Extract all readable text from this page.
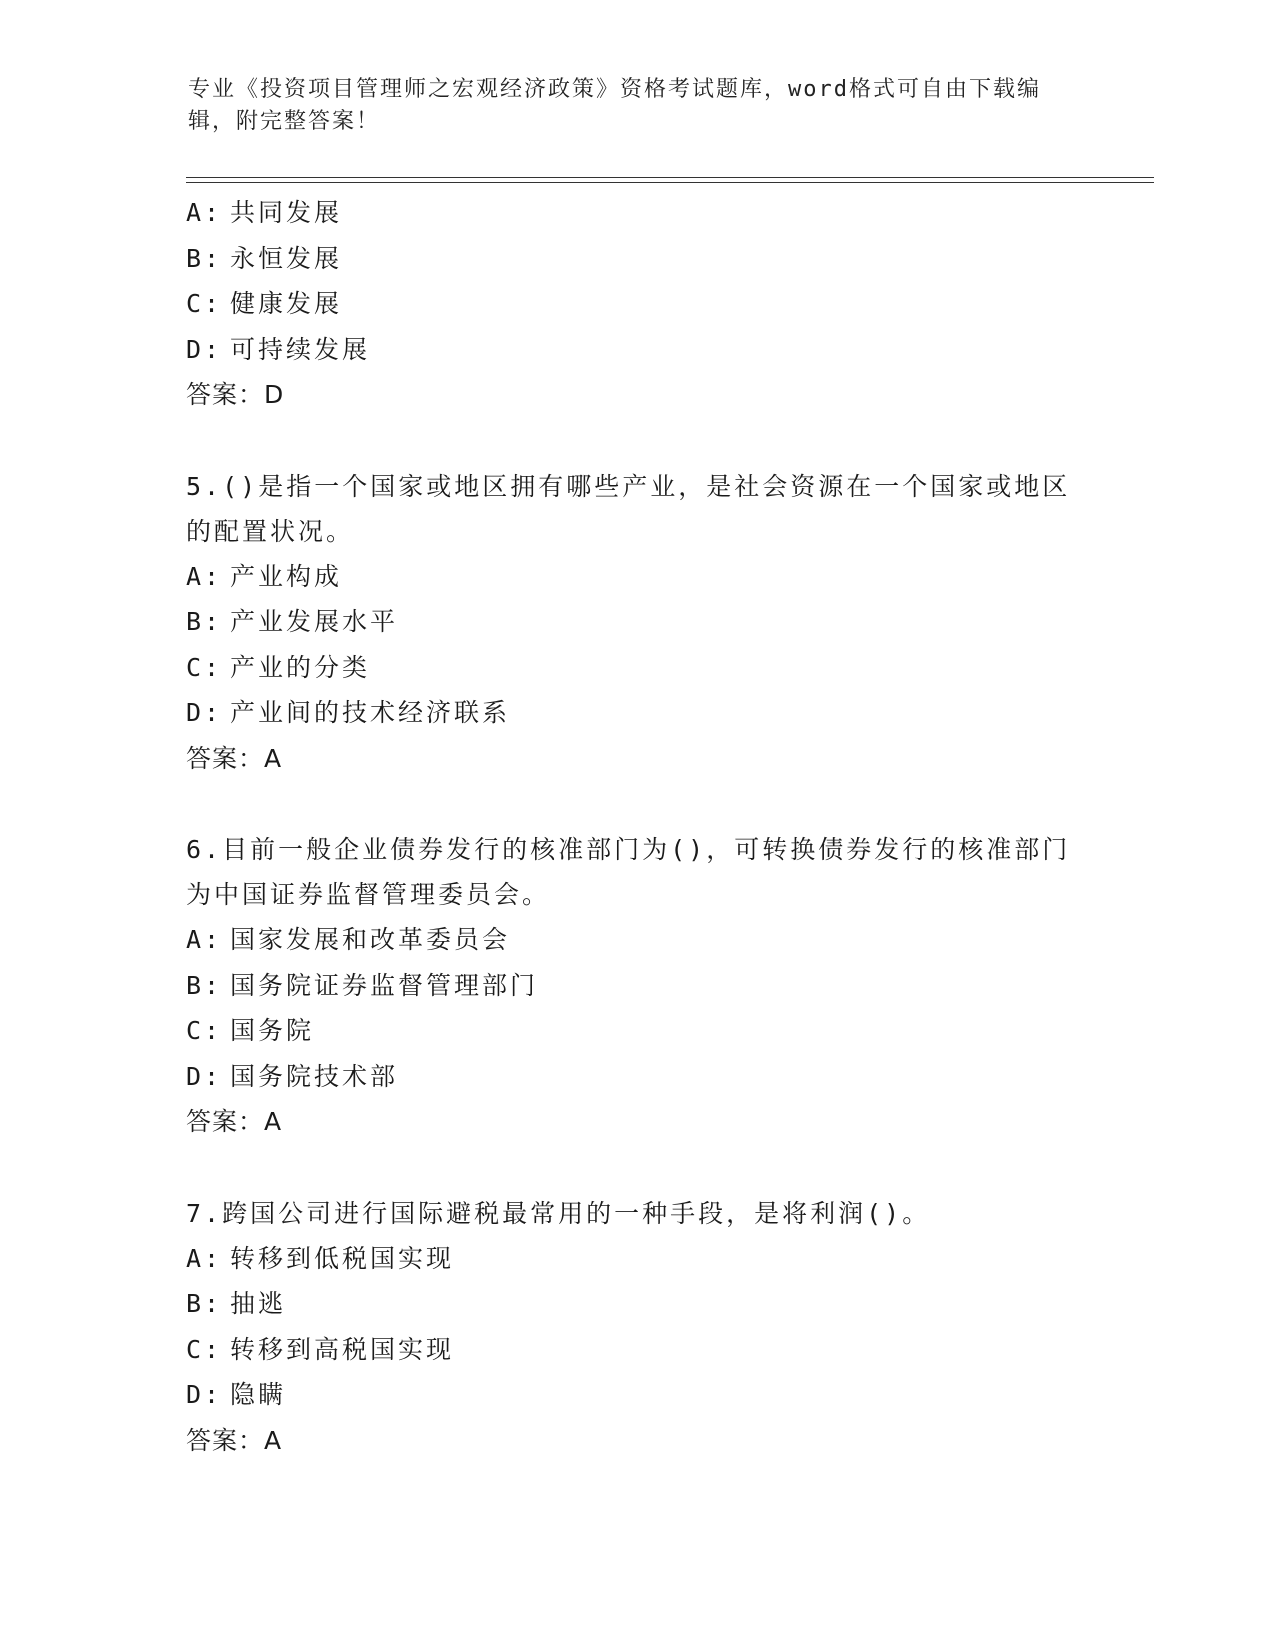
专业《投资项目管理师之宏观经济政策》资格考试题库，word格式可自由下载编辑，附完整答案！
A: 共同发展
B: 永恒发展
C: 健康发展
D: 可持续发展
答案：D
5.()是指一个国家或地区拥有哪些产业，是社会资源在一个国家或地区的配置状况。
A: 产业构成
B: 产业发展水平
C: 产业的分类
D: 产业间的技术经济联系
答案：A
6.目前一般企业债券发行的核准部门为()，可转换债券发行的核准部门为中国证券监督管理委员会。
A: 国家发展和改革委员会
B: 国务院证券监督管理部门
C: 国务院
D: 国务院技术部
答案：A
7.跨国公司进行国际避税最常用的一种手段，是将利润()。
A: 转移到低税国实现
B: 抽逃
C: 转移到高税国实现
D: 隐瞒
答案：A
